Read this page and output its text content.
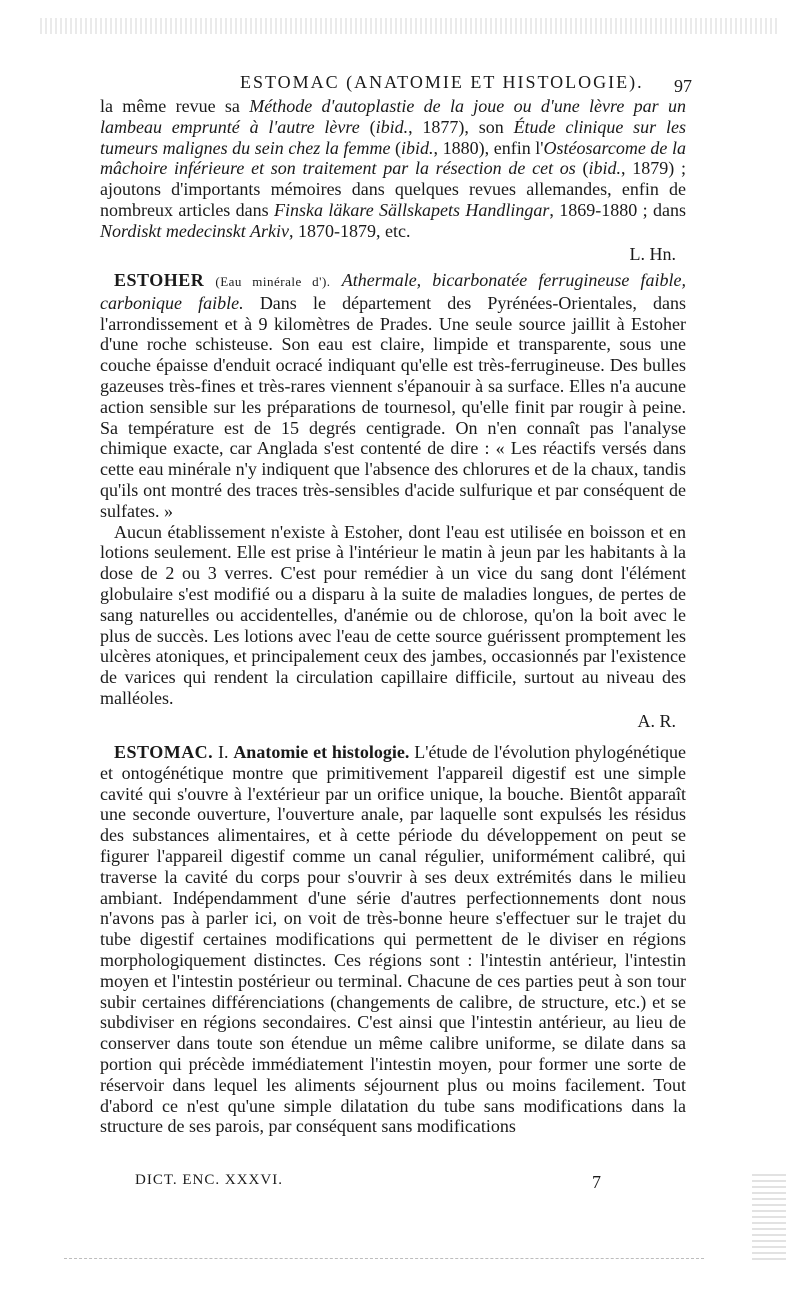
ESTOMAC (ANATOMIE ET HISTOLOGIE). 97

la même revue sa Méthode d'autoplastie de la joue ou d'une lèvre par un lambeau emprunté à l'autre lèvre (ibid., 1877), son Étude clinique sur les tumeurs malignes du sein chez la femme (ibid., 1880), enfin l'Ostéosarcome de la mâchoire inférieure et son traitement par la résection de cet os (ibid., 1879) ; ajoutons d'importants mémoires dans quelques revues allemandes, enfin de nombreux articles dans Finska läkare Sällskapets Handlingar, 1869-1880 ; dans Nordiskt medecinskt Arkiv, 1870-1879, etc.

L. Hn.

ESTOHER (Eau minérale d'). Athermale, bicarbonatée ferrugineuse faible, carbonique faible. Dans le département des Pyrénées-Orientales, dans l'arrondissement et à 9 kilomètres de Prades. Une seule source jaillit à Estoher d'une roche schisteuse. Son eau est claire, limpide et transparente, sous une couche épaisse d'enduit ocracé indiquant qu'elle est très-ferrugineuse. Des bulles gazeuses très-fines et très-rares viennent s'épanouir à sa surface. Elles n'a aucune action sensible sur les préparations de tournesol, qu'elle finit par rougir à peine. Sa température est de 15 degrés centigrade. On n'en connaît pas l'analyse chimique exacte, car Anglada s'est contenté de dire : « Les réactifs versés dans cette eau minérale n'y indiquent que l'absence des chlorures et de la chaux, tandis qu'ils ont montré des traces très-sensibles d'acide sulfurique et par conséquent de sulfates. »

Aucun établissement n'existe à Estoher, dont l'eau est utilisée en boisson et en lotions seulement. Elle est prise à l'intérieur le matin à jeun par les habitants à la dose de 2 ou 3 verres. C'est pour remédier à un vice du sang dont l'élément globulaire s'est modifié ou a disparu à la suite de maladies longues, de pertes de sang naturelles ou accidentelles, d'anémie ou de chlorose, qu'on la boit avec le plus de succès. Les lotions avec l'eau de cette source guérissent promptement les ulcères atoniques, et principalement ceux des jambes, occasionnés par l'existence de varices qui rendent la circulation capillaire difficile, surtout au niveau des malléoles.

A. R.

ESTOMAC. I. Anatomie et histologie. L'étude de l'évolution phylogénétique et ontogénétique montre que primitivement l'appareil digestif est une simple cavité qui s'ouvre à l'extérieur par un orifice unique, la bouche. Bientôt apparaît une seconde ouverture, l'ouverture anale, par laquelle sont expulsés les résidus des substances alimentaires, et à cette période du développement on peut se figurer l'appareil digestif comme un canal régulier, uniformément calibré, qui traverse la cavité du corps pour s'ouvrir à ses deux extrémités dans le milieu ambiant. Indépendamment d'une série d'autres perfectionnements dont nous n'avons pas à parler ici, on voit de très-bonne heure s'effectuer sur le trajet du tube digestif certaines modifications qui permettent de le diviser en régions morphologiquement distinctes. Ces régions sont : l'intestin antérieur, l'intestin moyen et l'intestin postérieur ou terminal. Chacune de ces parties peut à son tour subir certaines différenciations (changements de calibre, de structure, etc.) et se subdiviser en régions secondaires. C'est ainsi que l'intestin antérieur, au lieu de conserver dans toute son étendue un même calibre uniforme, se dilate dans sa portion qui précède immédiatement l'intestin moyen, pour former une sorte de réservoir dans lequel les aliments séjournent plus ou moins facilement. Tout d'abord ce n'est qu'une simple dilatation du tube sans modifications dans la structure de ses parois, par conséquent sans modifications

DICT. ENC. XXXVI.	7
